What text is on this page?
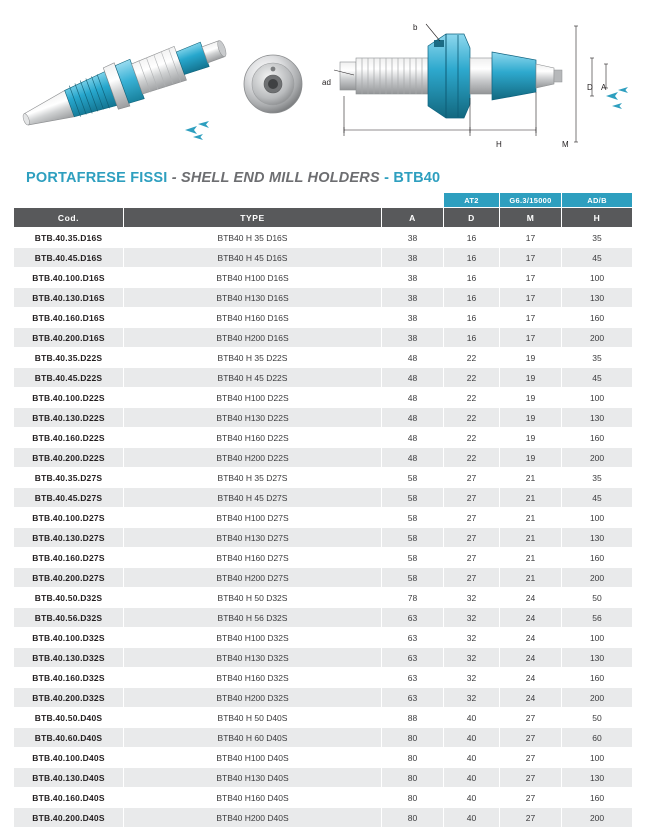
b
ad
D A
H	M
PORTAFRESE FISSI - SHELL END MILL HOLDERS - BTB40
			AT2	G6.3/15000	AD/B
Cod.	TYPE	A	D	M	H
BTB.40.35.D16S	BTB40 H 35 D16S	38	16	17	35
BTB.40.45.D16S	BTB40 H 45 D16S	38	16	17	45
BTB.40.100.D16S	BTB40 H100 D16S	38	16	17	100
BTB.40.130.D16S	BTB40 H130 D16S	38	16	17	130
BTB.40.160.D16S	BTB40 H160 D16S	38	16	17	160
BTB.40.200.D16S	BTB40 H200 D16S	38	16	17	200
BTB.40.35.D22S	BTB40 H 35 D22S	48	22	19	35
BTB.40.45.D22S	BTB40 H 45 D22S	48	22	19	45
BTB.40.100.D22S	BTB40 H100 D22S	48	22	19	100
BTB.40.130.D22S	BTB40 H130 D22S	48	22	19	130
BTB.40.160.D22S	BTB40 H160 D22S	48	22	19	160
BTB.40.200.D22S	BTB40 H200 D22S	48	22	19	200
BTB.40.35.D27S	BTB40 H 35 D27S	58	27	21	35
BTB.40.45.D27S	BTB40 H 45 D27S	58	27	21	45
BTB.40.100.D27S	BTB40 H100 D27S	58	27	21	100
BTB.40.130.D27S	BTB40 H130 D27S	58	27	21	130
BTB.40.160.D27S	BTB40 H160 D27S	58	27	21	160
BTB.40.200.D27S	BTB40 H200 D27S	58	27	21	200
BTB.40.50.D32S	BTB40 H 50 D32S	78	32	24	50
BTB.40.56.D32S	BTB40 H 56 D32S	63	32	24	56
BTB.40.100.D32S	BTB40 H100 D32S	63	32	24	100
BTB.40.130.D32S	BTB40 H130 D32S	63	32	24	130
BTB.40.160.D32S	BTB40 H160 D32S	63	32	24	160
BTB.40.200.D32S	BTB40 H200 D32S	63	32	24	200
BTB.40.50.D40S	BTB40 H 50 D40S	88	40	27	50
BTB.40.60.D40S	BTB40 H 60 D40S	80	40	27	60
BTB.40.100.D40S	BTB40 H100 D40S	80	40	27	100
BTB.40.130.D40S	BTB40 H130 D40S	80	40	27	130
BTB.40.160.D40S	BTB40 H160 D40S	80	40	27	160
BTB.40.200.D40S	BTB40 H200 D40S	80	40	27	200
